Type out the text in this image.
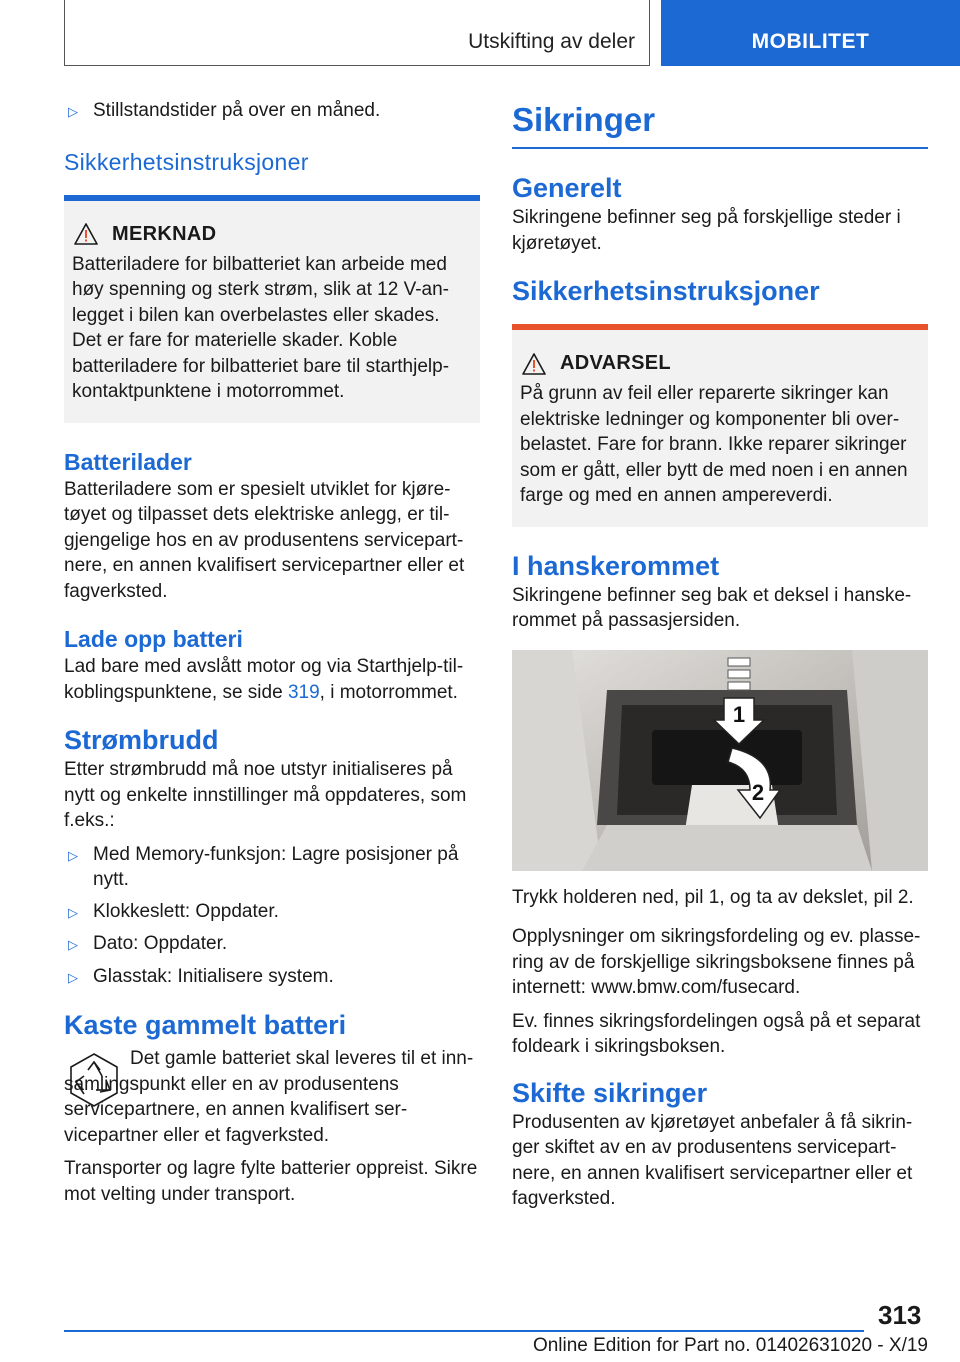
Utskifting av deler	MOBILITET
▷ Stillstandstider på over en måned.
Sikkerhetsinstruksjoner
MERKNAD

Batteriladere for bilbatteriet kan arbeide med høy spenning og sterk strøm, slik at 12 V-anlegget i bilen kan overbelastes eller skades. Det er fare for materielle skader. Koble batteriladere for bilbatteriet bare til starthjelp-kontaktpunktene i motorrommet.

Batterilader

Batteriladere som er spesielt utviklet for kjøretøyet og tilpasset dets elektriske anlegg, er tilgjengelige hos en av produsentens servicepartnere, en annen kvalifisert servicepartner eller et fagverksted.

Lade opp batteri

Lad bare med avslått motor og via Starthjelp-tilkoblingspunktene, se side 319, i motorrommet.

Strømbrudd

Etter strømbrudd må noe utstyr initialiseres på nytt og enkelte innstillinger må oppdateres, som f.eks.:

▷ Med Memory-funksjon: Lagre posisjoner på nytt.
▷ Klokkeslett: Oppdater.
▷ Dato: Oppdater.
▷ Glasstak: Initialisere system.
Kaste gammelt batteri

Det gamle batteriet skal leveres til et innsamlingspunkt eller en av produsentens servicepartnere, en annen kvalifisert servicepartner eller et fagverksted.

Transporter og lagre fylte batterier oppreist. Sikre mot velting under transport.

Sikringer
Generelt

Sikringene befinner seg på forskjellige steder i kjøretøyet.

Sikkerhetsinstruksjoner
ADVARSEL

På grunn av feil eller reparerte sikringer kan elektriske ledninger og komponenter bli overbelastet. Fare for brann. Ikke reparer sikringer som er gått, eller bytt de med noen i en annen farge og med en annen ampereverdi.

I hanskerommet

Sikringene befinner seg bak et deksel i hanskerommet på passasjersiden.

1
2

Trykk holderen ned, pil 1, og ta av dekslet, pil 2.

Opplysninger om sikringsfordeling og ev. plassering av de forskjellige sikringsboksene finnes på internett: www.bmw.com/fusecard.

Ev. finnes sikringsfordelingen også på et separat foldeark i sikringsboksen.

Skifte sikringer

Produsenten av kjøretøyet anbefaler å få sikringer skiftet av en av produsentens servicepartnere, en annen kvalifisert servicepartner eller et fagverksted.

313
Online Edition for Part no. 01402631020 - X/19
